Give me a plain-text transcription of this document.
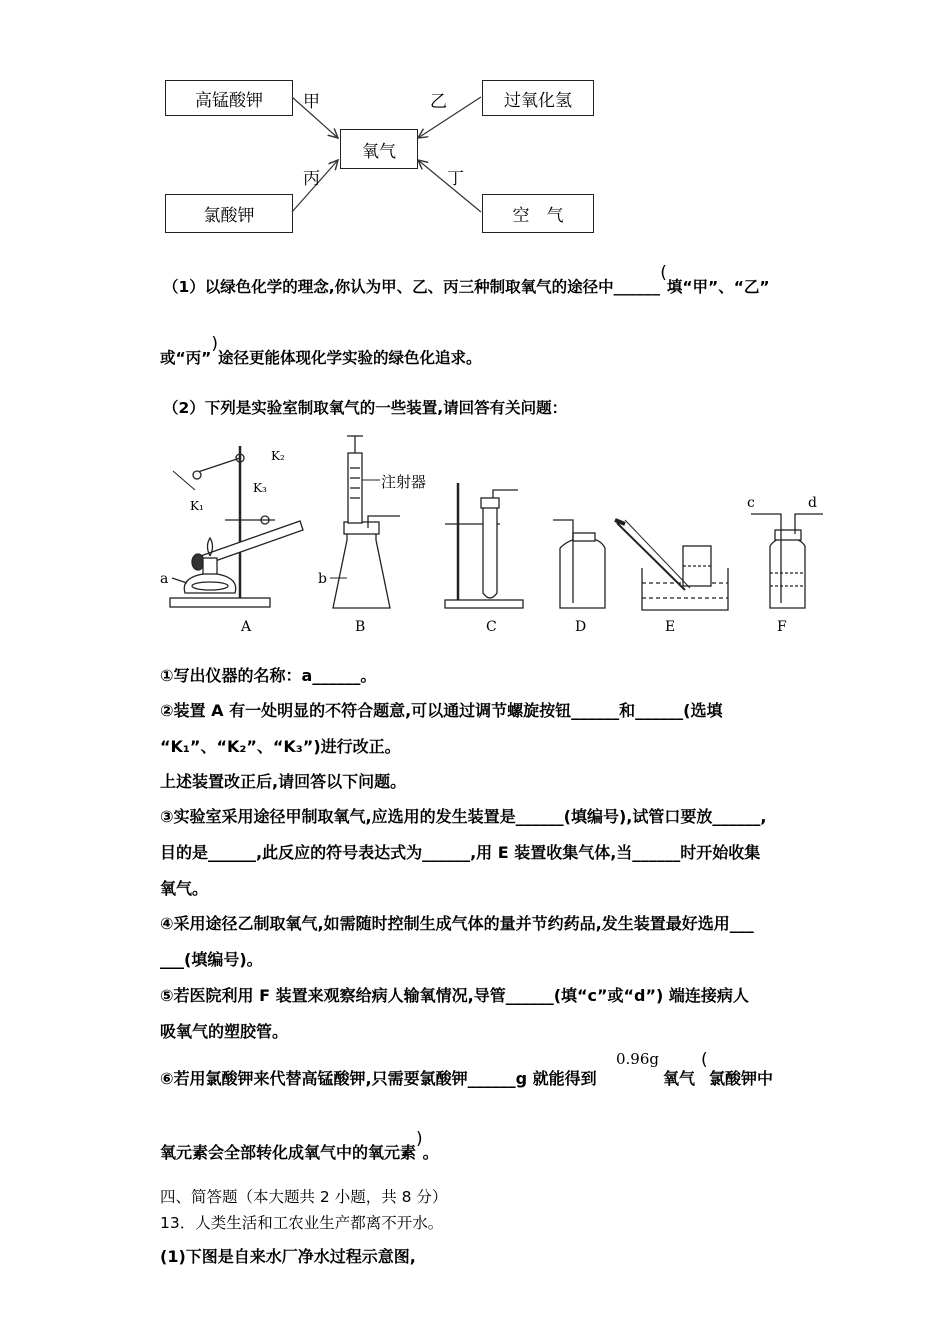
高锰酸钾	过氧化氢
氧气
氯酸钾	空　气
甲	乙
丙	丁
（1）以绿色化学的理念,你认为甲、乙、丙三种制取氧气的途径中______(填“甲”、“乙”
或“丙”)途径更能体现化学实验的绿色化追求。
（2）下列是实验室制取氧气的一些装置,请回答有关问题：
K₂
K₃
K₁
a	b
注射器
c	d
A	B	C	D	E	F
①写出仪器的名称：a______。
②装置 A 有一处明显的不符合题意,可以通过调节螺旋按钮______和______(选填
“K₁”、“K₂”、“K₃”)进行改正。
上述装置改正后,请回答以下问题。
③实验室采用途径甲制取氧气,应选用的发生装置是______(填编号),试管口要放______,
目的是______,此反应的符号表达式为______,用 E 装置收集气体,当______时开始收集
氧气。
④采用途径乙制取氧气,如需随时控制生成气体的量并节约药品,发生装置最好选用___
___(填编号)。
⑤若医院利用 F 装置来观察给病人输氧情况,导管______(填“c”或“d”) 端连接病人
吸氧气的塑胶管。
⑥若用氯酸钾来代替高锰酸钾,只需要氯酸钾______g 就能得到
0.96g
氧气
(
氯酸钾中
氧元素会全部转化成氧气中的氧元素)。
四、简答题（本大题共 2 小题，共 8 分）
13．人类生活和工农业生产都离不开水。
(1)下图是自来水厂净水过程示意图,
